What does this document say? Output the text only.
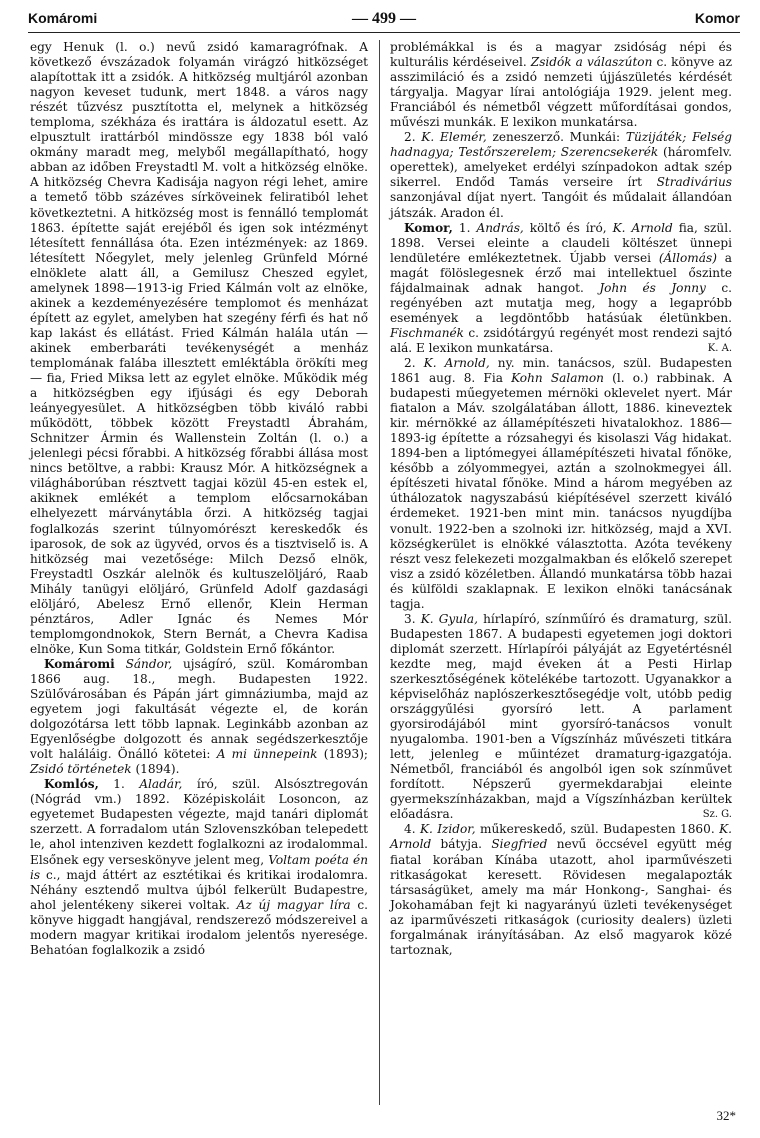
Komáromi	— 499 —	Komor

egy Henuk (l. o.) nevű zsidó kamaragrófnak. A következő évszázadok folyamán virágzó hitközséget alapítottak itt a zsidók. A hitközség multjáról azonban nagyon keveset tudunk, mert 1848. a város nagy részét tűzvész pusztította el, melynek a hitközség temploma, székháza és irattára is áldozatul esett. Az elpusztult irattárból mindössze egy 1838 ból való okmány maradt meg, melyből megállapítható, hogy abban az időben Freystadtl M. volt a hitközség elnöke. A hitközség Chevra Kadisája nagyon régi lehet, amire a temető több százéves sírköveinek feliratiból lehet következtetni. A hitközség most is fennálló templomát 1863. építette saját erejéből és igen sok intézményt létesített fennállása óta. Ezen intézmények: az 1869. létesített Nőegylet, mely jelenleg Grünfeld Mórné elnöklete alatt áll, a Gemilusz Cheszed egylet, amelynek 1898—1913-ig Fried Kálmán volt az elnöke, akinek a kezdeményezésére templomot és menházat épített az egylet, amelyben hat szegény férfi és hat nő kap lakást és ellátást. Fried Kálmán halála után — akinek emberbaráti tevékenységét a menház templomának falába illesztett emléktábla örökíti meg — fia, Fried Miksa lett az egylet elnöke. Működik még a hitközségben egy ifjúsági és egy Deborah leányegyesület. A hitközségben több kiváló rabbi működött, többek között Freystadtl Ábrahám, Schnitzer Ármin és Wallenstein Zoltán (l. o.) a jelenlegi pécsi főrabbi. A hitközség főrabbi állása most nincs betöltve, a rabbi: Krausz Mór. A hitközségnek a világháborúban résztvett tagjai közül 45-en estek el, akiknek emlékét a templom előcsarnokában elhelyezett márványtábla őrzi. A hitközség tagjai foglalkozás szerint túlnyomórészt kereskedők és iparosok, de sok az ügyvéd, orvos és a tisztviselő is. A hitközség mai vezetősége: Milch Dezső elnök, Freystadtl Oszkár alelnök és kultuszelöljáró, Raab Mihály tanügyi elöljáró, Grünfeld Adolf gazdasági elöljáró, Abelesz Ernő ellenőr, Klein Herman pénztáros, Adler Ignác és Nemes Mór templomgondnokok, Stern Bernát, a Chevra Kadisa elnöke, Kun Soma titkár, Goldstein Ernő főkántor.

Komáromi Sándor, ujságíró, szül. Komáromban 1866 aug. 18., megh. Budapesten 1922. Szülővárosában és Pápán járt gimnáziumba, majd az egyetem jogi fakultását végezte el, de korán dolgozótársa lett több lapnak. Leginkább azonban az Egyenlőségbe dolgozott és annak segédszerkesztője volt haláláig. Önálló kötetei: A mi ünnepeink (1893); Zsidó történetek (1894).

Komlós, 1. Aladár, író, szül. Alsósztregován (Nógrád vm.) 1892. Középiskoláit Losoncon, az egyetemet Budapesten végezte, majd tanári diplomát szerzett. A forradalom után Szlovenszkóban telepedett le, ahol intenziven kezdett foglalkozni az irodalommal. Elsőnek egy verseskönyve jelent meg, Voltam poéta én is c., majd áttért az esztétikai és kritikai irodalomra. Néhány esztendő multva újból felkerült Budapestre, ahol jelentékeny sikerei voltak. Az új magyar líra c. könyve higgadt hangjával, rendszerező módszereivel a modern magyar kritikai irodalom jelentős nyeresége. Behatóan foglalkozik a zsidó

problémákkal is és a magyar zsidóság népi és kulturális kérdéseivel. Zsidók a válaszúton c. könyve az asszimiláció és a zsidó nemzeti újjászületés kérdését tárgyalja. Magyar lírai antológiája 1929. jelent meg. Franciából és németből végzett műfordításai gondos, művészi munkák. E lexikon munkatársa.

2. K. Elemér, zeneszerző. Munkái: Tüzijáték; Felség hadnagya; Testőrszerelem; Szerencsekerék (háromfelv. operettek), amelyeket erdélyi színpadokon adtak szép sikerrel. Endőd Tamás verseire írt Stradivárius sanzonjával díjat nyert. Tangóit és műdalait állandóan játszák. Aradon él.

Komor, 1. András, költő és író, K. Arnold fia, szül. 1898. Versei eleinte a claudeli költészet ünnepi lendületére emlékeztetnek. Újabb versei (Állomás) a magát fölöslegesnek érző mai intellektuel őszinte fájdalmainak adnak hangot. John és Jonny c. regényében azt mutatja meg, hogy a legapróbb események a legdöntőbb hatásúak életünkben. Fischmanék c. zsidótárgyú regényét most rendezi sajtó alá. E lexikon munkatársa.	K. A.

2. K. Arnold, ny. min. tanácsos, szül. Budapesten 1861 aug. 8. Fia Kohn Salamon (l. o.) rabbinak. A budapesti műegyetemen mérnöki oklevelet nyert. Már fiatalon a Máv. szolgálatában állott, 1886. kineveztek kir. mérnökké az államépítészeti hivatalokhoz. 1886—1893-ig építette a rózsahegyi és kisolaszi Vág hidakat. 1894-ben a liptómegyei államépítészeti hivatal főnöke, később a zólyommegyei, aztán a szolnokmegyei áll. építészeti hivatal főnöke. Mind a három megyében az úthálozatok nagyszabású kiépítésével szerzett kiváló érdemeket. 1921-ben mint min. tanácsos nyugdíjba vonult. 1922-ben a szolnoki izr. hitközség, majd a XVI. községkerület is elnökké választotta. Azóta tevékeny részt vesz felekezeti mozgalmakban és előkelő szerepet visz a zsidó közéletben. Állandó munkatársa több hazai és külföldi szaklapnak. E lexikon elnöki tanácsának tagja.

3. K. Gyula, hírlapíró, színműíró és dramaturg, szül. Budapesten 1867. A budapesti egyetemen jogi doktori diplomát szerzett. Hírlapírói pályáját az Egyetértésnél kezdte meg, majd éveken át a Pesti Hirlap szerkesztőségének kötelékébe tartozott. Ugyanakkor a képviselőház naplószerkesztősegédje volt, utóbb pedig országgyűlési gyorsíró lett. A parlament gyorsirodájából mint gyorsíró-tanácsos vonult nyugalomba. 1901-ben a Vígszínház művészeti titkára lett, jelenleg e műintézet dramaturg-igazgatója. Németből, franciából és angolból igen sok színművet fordított. Népszerű gyermekdarabjai eleinte gyermekszínházakban, majd a Vígszínházban kerültek előadásra.	Sz. G.

4. K. Izidor, műkereskedő, szül. Budapesten 1860. K. Arnold bátyja. Siegfried nevű öccsével együtt még fiatal korában Kínába utazott, ahol iparművészeti ritkaságokat keresett. Rövidesen megalapozták társaságüket, amely ma már Honkong-, Sanghai- és Jokohamában fejt ki nagyarányú üzleti tevékenységet az iparművészeti ritkaságok (curiosity dealers) üzleti forgalmának irányításában. Az első magyarok közé tartoznak,

32*
